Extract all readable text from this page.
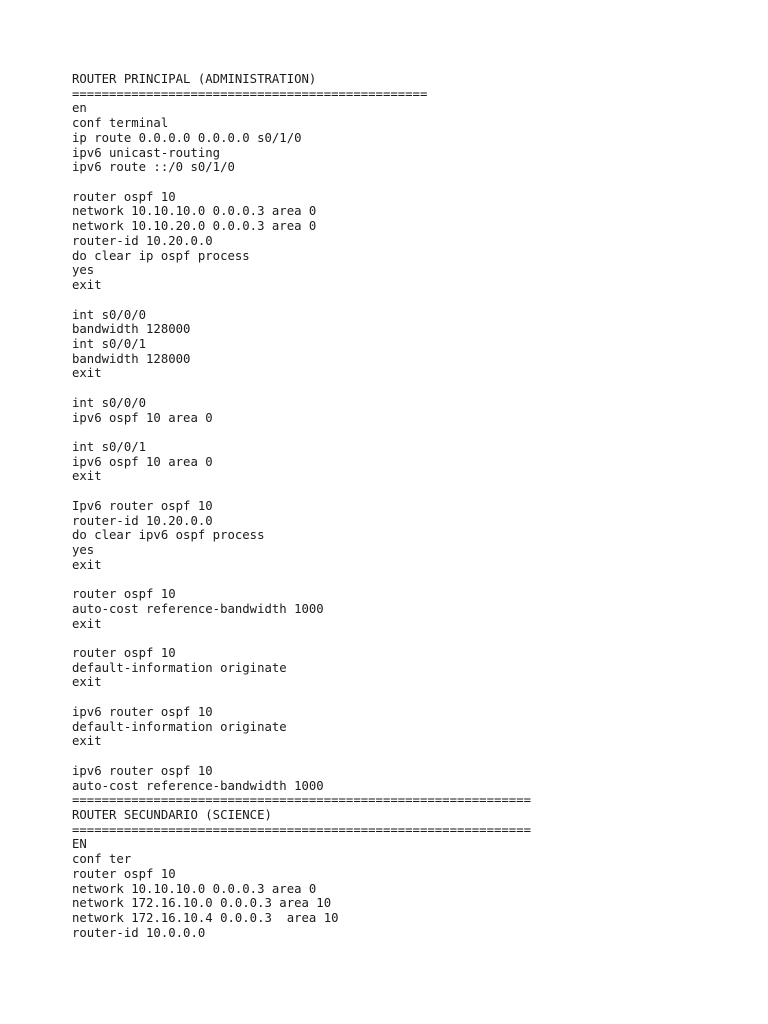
ROUTER PRINCIPAL (ADMINISTRATION)
================================================
en
conf terminal
ip route 0.0.0.0 0.0.0.0 s0/1/0
ipv6 unicast-routing
ipv6 route ::/0 s0/1/0
router ospf 10
network 10.10.10.0 0.0.0.3 area 0
network 10.10.20.0 0.0.0.3 area 0
router-id 10.20.0.0
do clear ip ospf process
yes
exit
int s0/0/0
bandwidth 128000
int s0/0/1
bandwidth 128000
exit
int s0/0/0
ipv6 ospf 10 area 0
int s0/0/1
ipv6 ospf 10 area 0
exit
Ipv6 router ospf 10
router-id 10.20.0.0
do clear ipv6 ospf process
yes
exit
router ospf 10
auto-cost reference-bandwidth 1000
exit
router ospf 10
default-information originate
exit
ipv6 router ospf 10
default-information originate
exit
ipv6 router ospf 10
auto-cost reference-bandwidth 1000
==============================================================
ROUTER SECUNDARIO (SCIENCE)
==============================================================
EN
conf ter
router ospf 10
network 10.10.10.0 0.0.0.3 area 0
network 172.16.10.0 0.0.0.3 area 10
network 172.16.10.4 0.0.0.3  area 10
router-id 10.0.0.0
